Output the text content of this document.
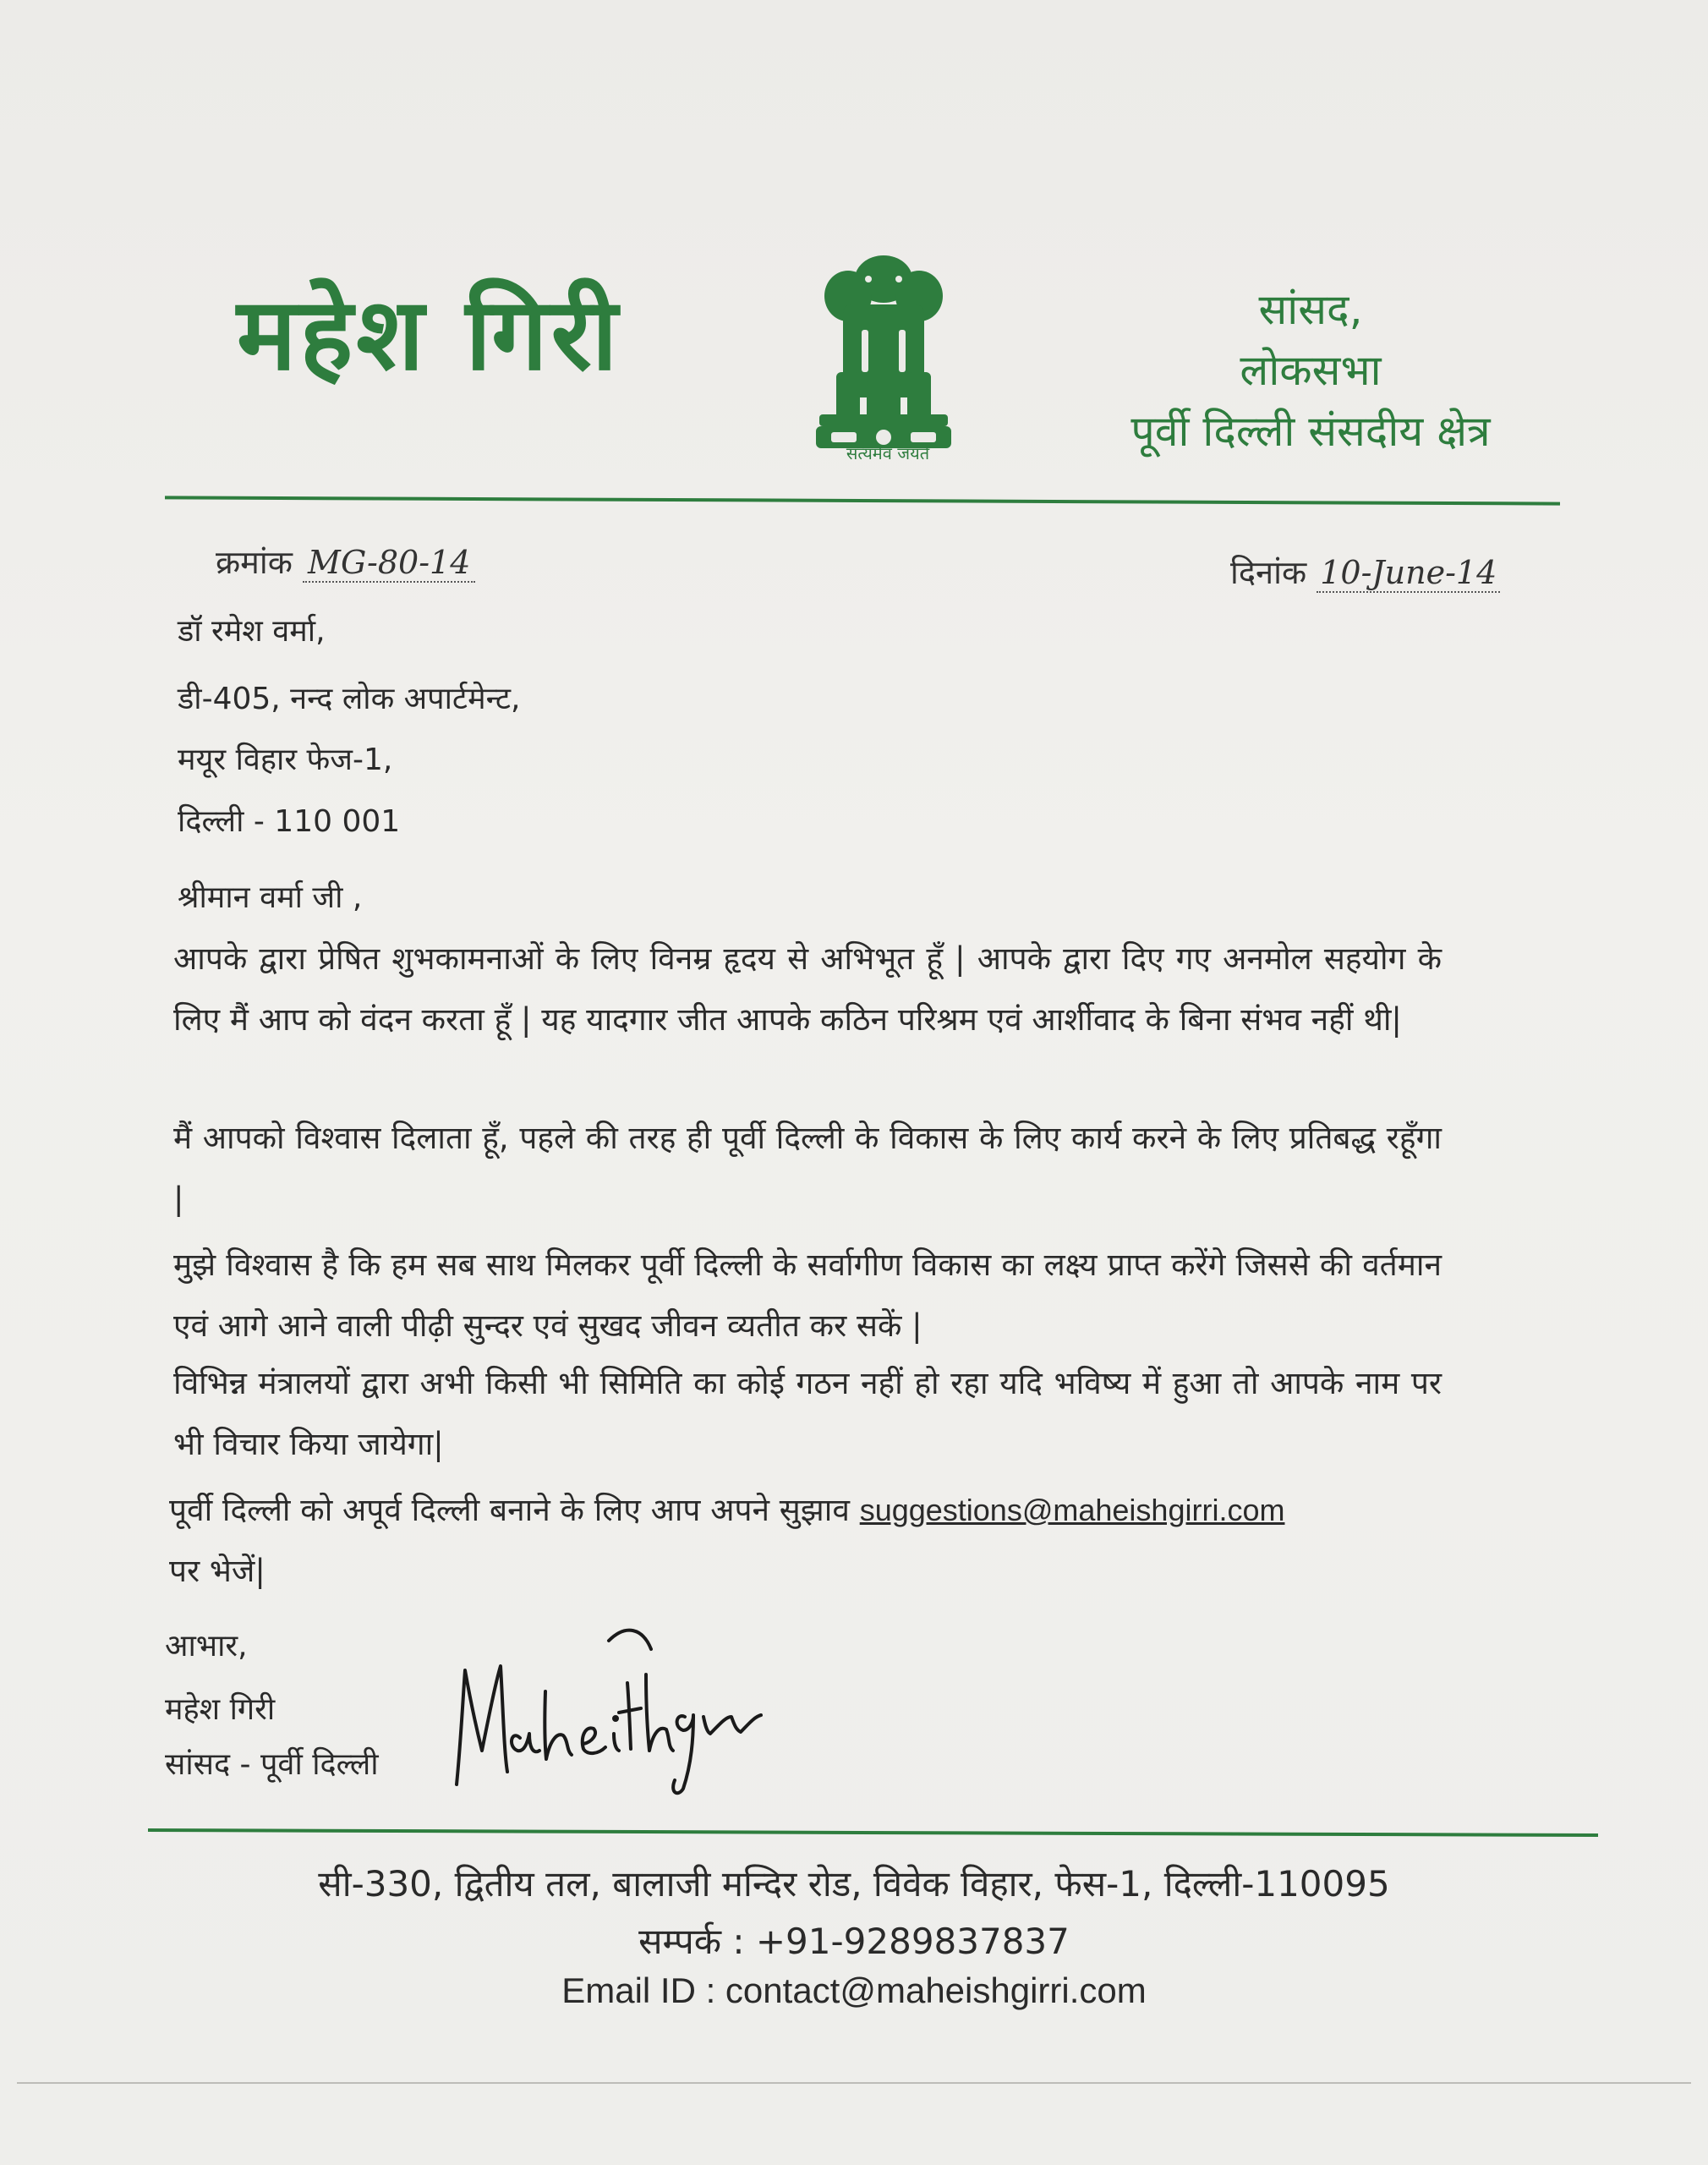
महेश गिरी
सत्यमेव जयते
सांसद,
लोकसभा
पूर्वी दिल्ली संसदीय क्षेत्र
क्रमांक MG-80-14	दिनांक 10-June-14
डॉ रमेश वर्मा,
डी-405, नन्द लोक अपार्टमेन्ट,
मयूर विहार फेज-1,
दिल्ली - 110 001
श्रीमान वर्मा जी ,
आपके द्वारा प्रेषित शुभकामनाओं के लिए विनम्र हृदय से अभिभूत हूँ | आपके द्वारा दिए गए अनमोल सहयोग के लिए मैं आप को वंदन करता हूँ | यह यादगार जीत आपके कठिन परिश्रम एवं आर्शीवाद के बिना संभव नहीं थी|
मैं आपको विश्वास दिलाता हूँ, पहले की तरह ही पूर्वी दिल्ली के विकास के लिए कार्य करने के लिए प्रतिबद्ध रहूँगा |
मुझे विश्वास है कि हम सब साथ मिलकर पूर्वी दिल्ली के सर्वागीण विकास का लक्ष्य प्राप्त करेंगे जिससे की वर्तमान एवं आगे आने वाली पीढ़ी सुन्दर एवं सुखद जीवन व्यतीत कर सकें |
विभिन्न मंत्रालयों द्वारा अभी किसी भी सिमिति का कोई गठन नहीं हो रहा यदि भविष्य में हुआ तो आपके नाम पर भी विचार किया जायेगा|
पूर्वी दिल्ली को अपूर्व दिल्ली बनाने के लिए आप अपने सुझाव suggestions@maheishgirri.com
पर भेजें|
आभार,
महेश गिरी
सांसद - पूर्वी दिल्ली
सी-330, द्वितीय तल, बालाजी मन्दिर रोड, विवेक विहार, फेस-1, दिल्ली-110095
सम्पर्क : +91-9289837837
Email ID : contact@maheishgirri.com
